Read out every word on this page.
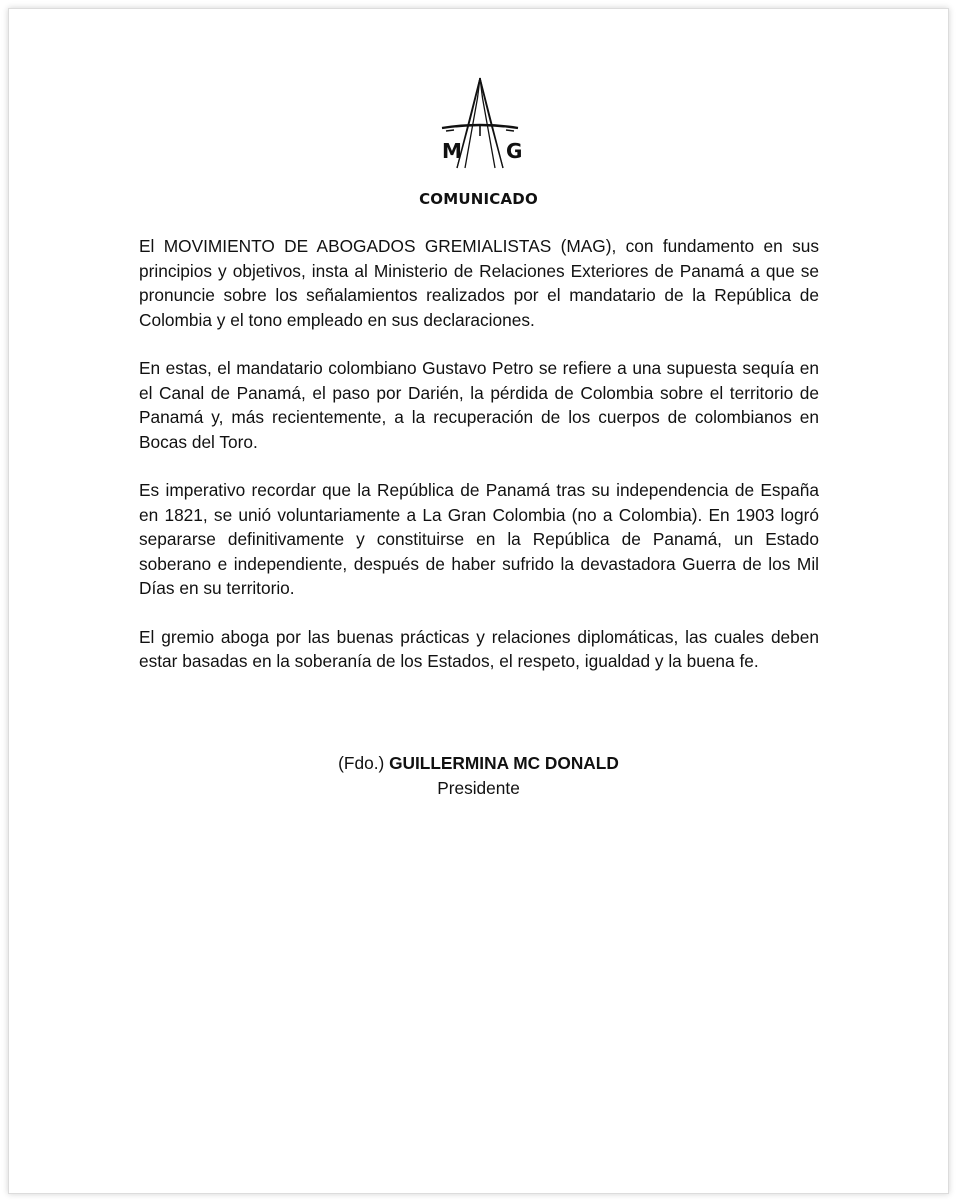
M G
COMUNICADO

El MOVIMIENTO DE ABOGADOS GREMIALISTAS (MAG), con fundamento en sus principios y objetivos, insta al Ministerio de Relaciones Exteriores de Panamá a que se pronuncie sobre los señalamientos realizados por el mandatario de la República de Colombia y el tono empleado en sus declaraciones.

En estas, el mandatario colombiano Gustavo Petro se refiere a una supuesta sequía en el Canal de Panamá, el paso por Darién, la pérdida de Colombia sobre el territorio de Panamá y, más recientemente, a la recuperación de los cuerpos de colombianos en Bocas del Toro.

Es imperativo recordar que la República de Panamá tras su independencia de España en 1821, se unió voluntariamente a La Gran Colombia (no a Colombia). En 1903 logró separarse definitivamente y constituirse en la República de Panamá, un Estado soberano e independiente, después de haber sufrido la devastadora Guerra de los Mil Días en su territorio.

El gremio aboga por las buenas prácticas y relaciones diplomáticas, las cuales deben estar basadas en la soberanía de los Estados, el respeto, igualdad y la buena fe.

(Fdo.) GUILLERMINA MC DONALD
Presidente
